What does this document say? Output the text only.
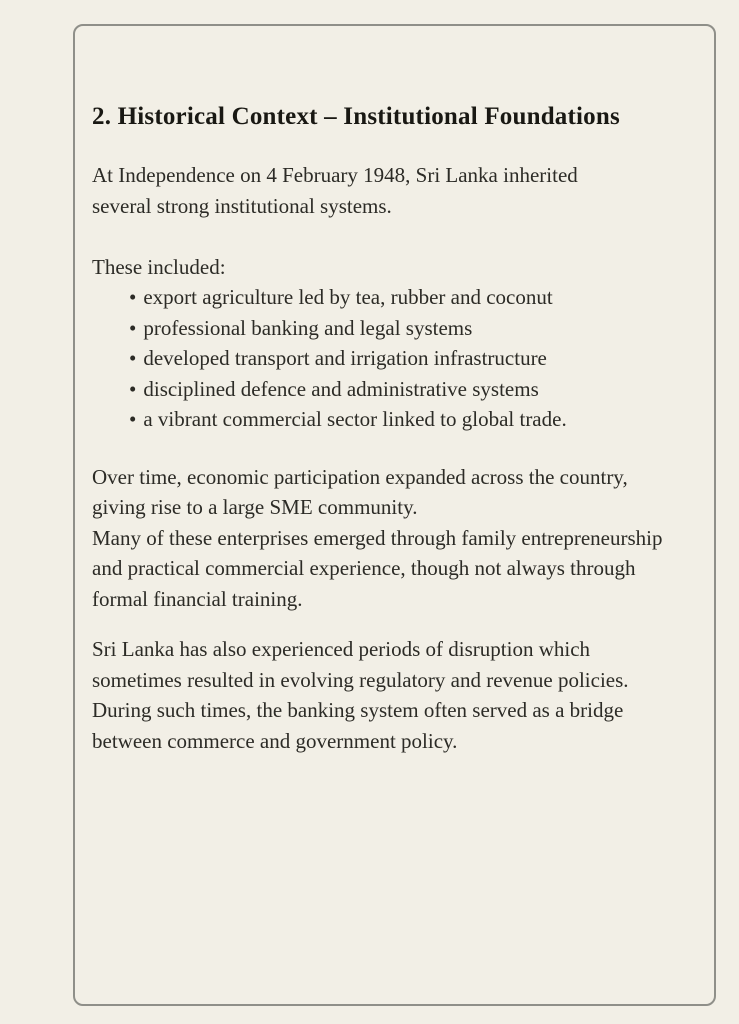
2. Historical Context – Institutional Foundations

At Independence on 4 February 1948, Sri Lanka inherited
several strong institutional systems.

These included:

• export agriculture led by tea, rubber and coconut
• professional banking and legal systems
• developed transport and irrigation infrastructure
• disciplined defence and administrative systems
• a vibrant commercial sector linked to global trade.

Over time, economic participation expanded across the country,
giving rise to a large SME community.
Many of these enterprises emerged through family entrepreneurship
and practical commercial experience, though not always through
formal financial training.

Sri Lanka has also experienced periods of disruption which
sometimes resulted in evolving regulatory and revenue policies.
During such times, the banking system often served as a bridge
between commerce and government policy.
